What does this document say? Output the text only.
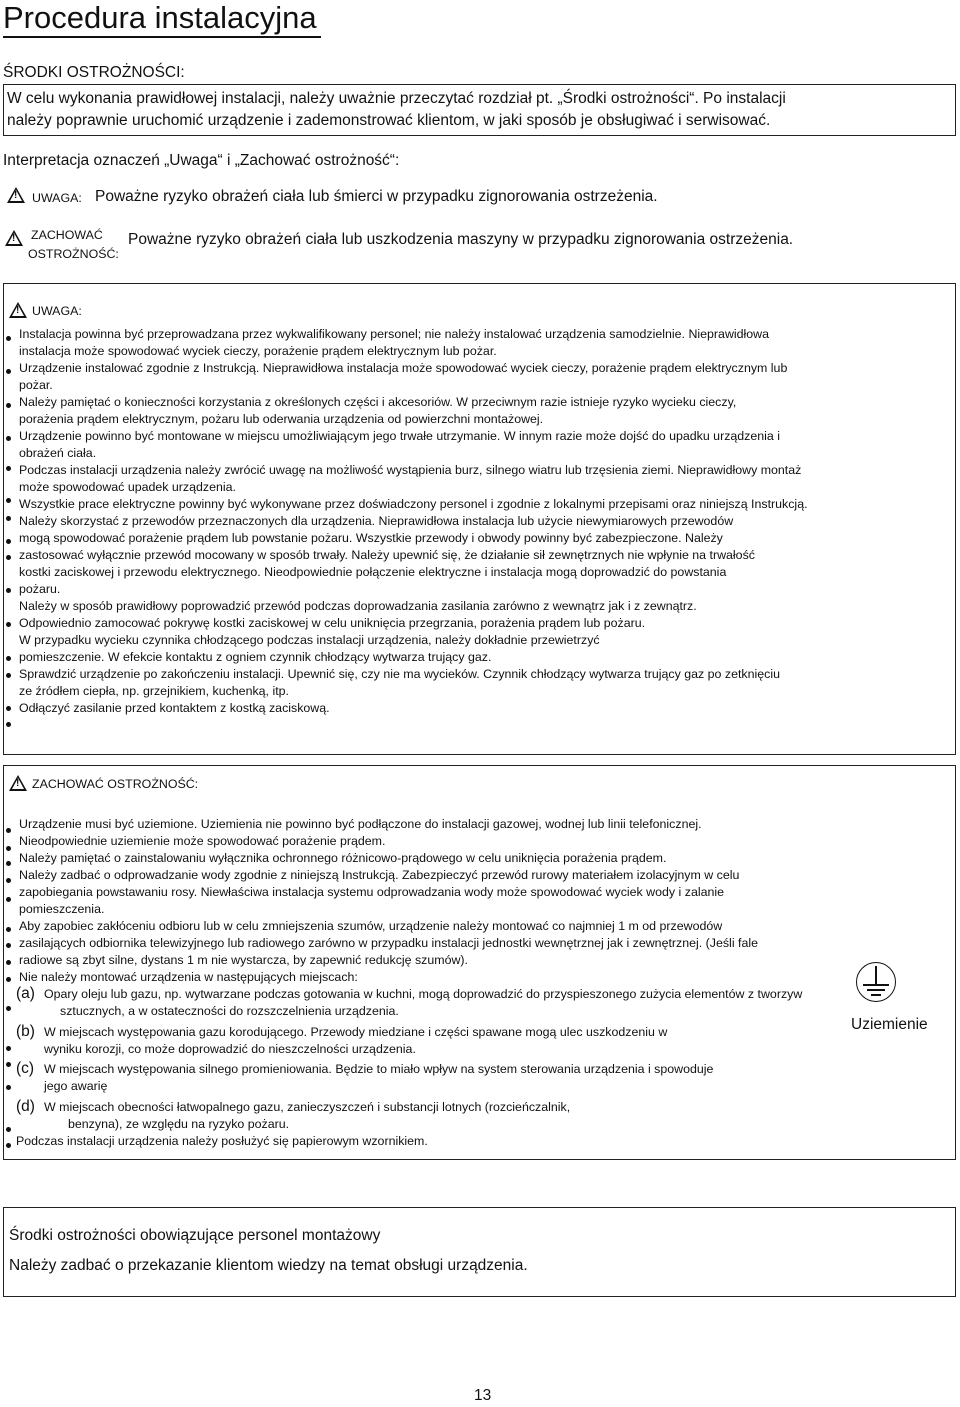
Procedura instalacyjna
ŚRODKI OSTROŻNOŚCI:
W celu wykonania prawidłowej instalacji, należy uważnie przeczytać rozdział pt. „Środki ostrożności“. Po instalacji
należy poprawnie uruchomić urządzenie i zademonstrować klientom, w jaki sposób je obsługiwać i serwisować.
Interpretacja oznaczeń „Uwaga“ i „Zachować ostrożność“:
!
UWAGA: Poważne ryzyko obrażeń ciała lub śmierci w przypadku zignorowania ostrzeżenia.
!
ZACHOWAĆ
OSTROŻNOŚĆ:
Poważne ryzyko obrażeń ciała lub uszkodzenia maszyny w przypadku zignorowania ostrzeżenia.
!
UWAGA:
Instalacja powinna być przeprowadzana przez wykwalifikowany personel; nie należy instalować urządzenia samodzielnie. Nieprawidłowa
instalacja może spowodować wyciek cieczy, porażenie prądem elektrycznym lub pożar.
Urządzenie instalować zgodnie z Instrukcją. Nieprawidłowa instalacja może spowodować wyciek cieczy, porażenie prądem elektrycznym lub
pożar.
Należy pamiętać o konieczności korzystania z określonych części i akcesoriów. W przeciwnym razie istnieje ryzyko wycieku cieczy,
porażenia prądem elektrycznym, pożaru lub oderwania urządzenia od powierzchni montażowej.
Urządzenie powinno być montowane w miejscu umożliwiającym jego trwałe utrzymanie. W innym razie może dojść do upadku urządzenia i
obrażeń ciała.
Podczas instalacji urządzenia należy zwrócić uwagę na możliwość wystąpienia burz, silnego wiatru lub trzęsienia ziemi. Nieprawidłowy montaż
może spowodować upadek urządzenia.
Wszystkie prace elektryczne powinny być wykonywane przez doświadczony personel i zgodnie z lokalnymi przepisami oraz niniejszą Instrukcją.
Należy skorzystać z przewodów przeznaczonych dla urządzenia. Nieprawidłowa instalacja lub użycie niewymiarowych przewodów
mogą spowodować porażenie prądem lub powstanie pożaru. Wszystkie przewody i obwody powinny być zabezpieczone. Należy
zastosować wyłącznie przewód mocowany w sposób trwały. Należy upewnić się, że działanie sił zewnętrznych nie wpłynie na trwałość
kostki zaciskowej i przewodu elektrycznego. Nieodpowiednie połączenie elektryczne i instalacja mogą doprowadzić do powstania
pożaru.
Należy w sposób prawidłowy poprowadzić przewód podczas doprowadzania zasilania zarówno z wewnątrz jak i z zewnątrz.
Odpowiednio zamocować pokrywę kostki zaciskowej w celu uniknięcia przegrzania, porażenia prądem lub pożaru.
W przypadku wycieku czynnika chłodzącego podczas instalacji urządzenia, należy dokładnie przewietrzyć
pomieszczenie. W efekcie kontaktu z ogniem czynnik chłodzący wytwarza trujący gaz.
Sprawdzić urządzenie po zakończeniu instalacji. Upewnić się, czy nie ma wycieków. Czynnik chłodzący wytwarza trujący gaz po zetknięciu
ze źródłem ciepła, np. grzejnikiem, kuchenką, itp.
Odłączyć zasilanie przed kontaktem z kostką zaciskową.
!
ZACHOWAĆ OSTROŻNOŚĆ:
Uziemienie
Urządzenie musi być uziemione. Uziemienia nie powinno być podłączone do instalacji gazowej, wodnej lub linii telefonicznej.
Nieodpowiednie uziemienie może spowodować porażenie prądem.
Należy pamiętać o zainstalowaniu wyłącznika ochronnego różnicowo-prądowego w celu uniknięcia porażenia prądem.
Należy zadbać o odprowadzanie wody zgodnie z niniejszą Instrukcją. Zabezpieczyć przewód rurowy materiałem izolacyjnym w celu
zapobiegania powstawaniu rosy. Niewłaściwa instalacja systemu odprowadzania wody może spowodować wyciek wody i zalanie
pomieszczenia.
Aby zapobiec zakłóceniu odbioru lub w celu zmniejszenia szumów, urządzenie należy montować co najmniej 1 m od przewodów
zasilających odbiornika telewizyjnego lub radiowego zarówno w przypadku instalacji jednostki wewnętrznej jak i zewnętrznej. (Jeśli fale
radiowe są zbyt silne, dystans 1 m nie wystarcza, by zapewnić redukcję szumów).
Nie należy montować urządzenia w następujących miejscach:
(a) Opary oleju lub gazu, np. wytwarzane podczas gotowania w kuchni, mogą doprowadzić do przyspieszonego zużycia elementów z tworzyw
sztucznych, a w ostateczności do rozszczelnienia urządzenia.
(b) W miejscach występowania gazu korodującego. Przewody miedziane i części spawane mogą ulec uszkodzeniu w
wyniku korozji, co może doprowadzić do nieszczelności urządzenia.
(c) W miejscach występowania silnego promieniowania. Będzie to miało wpływ na system sterowania urządzenia i spowoduje
jego awarię
(d) W miejscach obecności łatwopalnego gazu, zanieczyszczeń i substancji lotnych (rozcieńczalnik,
benzyna), ze względu na ryzyko pożaru.
Podczas instalacji urządzenia należy posłużyć się papierowym wzornikiem.
Środki ostrożności obowiązujące personel montażowy
Należy zadbać o przekazanie klientom wiedzy na temat obsługi urządzenia.
13
